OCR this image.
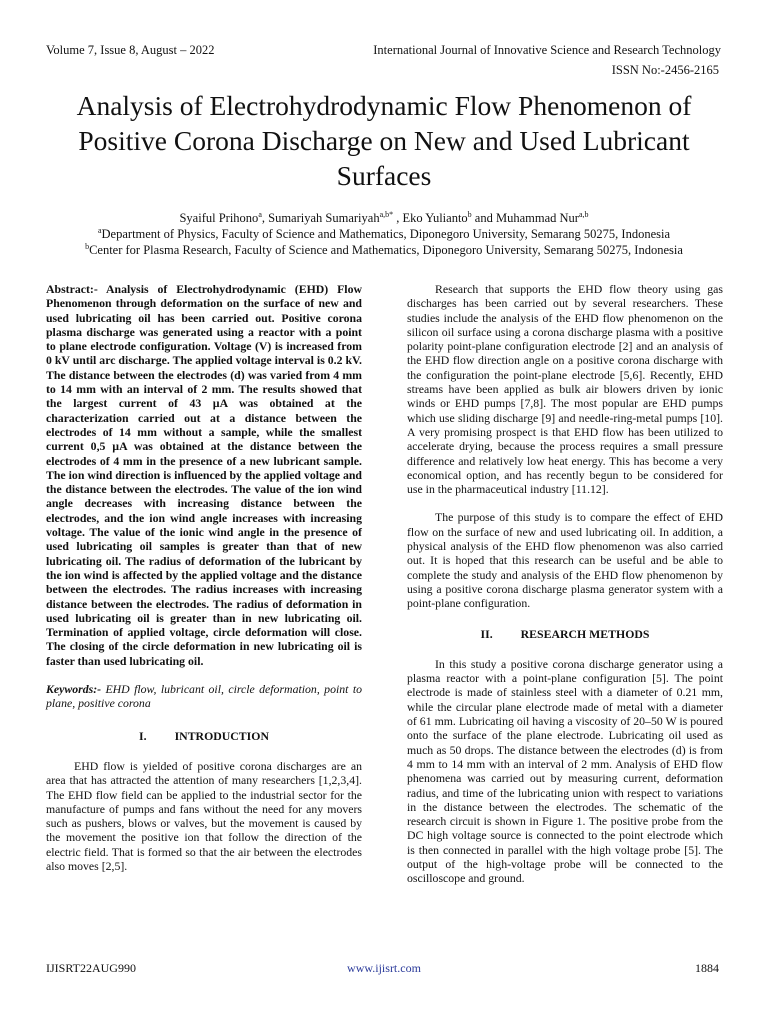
Volume 7, Issue 8, August – 2022	International Journal of Innovative Science and Research Technology
ISSN No:-2456-2165
Analysis of Electrohydrodynamic Flow Phenomenon of Positive Corona Discharge on New and Used Lubricant Surfaces
Syaiful Prihono$^a$, Sumariyah Sumariyah$^{a,b*}$ , Eko Yulianto$^b$ and Muhammad Nur$^{a,b}$
$^a$Department of Physics, Faculty of Science and Mathematics, Diponegoro University, Semarang 50275, Indonesia
$^b$Center for Plasma Research, Faculty of Science and Mathematics, Diponegoro University, Semarang 50275, Indonesia

Abstract:- Analysis of Electrohydrodynamic (EHD) Flow Phenomenon through deformation on the surface of new and used lubricating oil has been carried out. Positive corona plasma discharge was generated using a reactor with a point to plane electrode configuration. Voltage (V) is increased from 0 kV until arc discharge. The applied voltage interval is 0.2 kV. The distance between the electrodes (d) was varied from 4 mm to 14 mm with an interval of 2 mm. The results showed that the largest current of 43 µA was obtained at the characterization carried out at a distance between the electrodes of 14 mm without a sample, while the smallest current 0,5 µA was obtained at the distance between the electrodes of 4 mm in the presence of a new lubricant sample. The ion wind direction is influenced by the applied voltage and the distance between the electrodes. The value of the ion wind angle decreases with increasing distance between the electrodes, and the ion wind angle increases with increasing voltage. The value of the ionic wind angle in the presence of used lubricating oil samples is greater than that of new lubricating oil. The radius of deformation of the lubricant by the ion wind is affected by the applied voltage and the distance between the electrodes. The radius increases with increasing distance between the electrodes. The radius of deformation in used lubricating oil is greater than in new lubricating oil. Termination of applied voltage, circle deformation will close. The closing of the circle deformation in new lubricating oil is faster than used lubricating oil.

Keywords:- EHD flow, lubricant oil, circle deformation, point to plane, positive corona

I. INTRODUCTION

EHD flow is yielded of positive corona discharges are an area that has attracted the attention of many researchers [1,2,3,4]. The EHD flow field can be applied to the industrial sector for the manufacture of pumps and fans without the need for any movers such as pushers, blows or valves, but the movement is caused by the movement the positive ion that follow the direction of the electric field. That is formed so that the air between the electrodes also moves [2,5].

Research that supports the EHD flow theory using gas discharges has been carried out by several researchers. These studies include the analysis of the EHD flow phenomenon on the silicon oil surface using a corona discharge plasma with a positive polarity point-plane configuration electrode [2] and an analysis of the EHD flow direction angle on a positive corona discharge with the configuration the point-plane electrode [5,6]. Recently, EHD streams have been applied as bulk air blowers driven by ionic winds or EHD pumps [7,8]. The most popular are EHD pumps which use sliding discharge [9] and needle-ring-metal pumps [10]. A very promising prospect is that EHD flow has been utilized to accelerate drying, because the process requires a small pressure difference and relatively low heat energy. This has become a very economical option, and has recently begun to be considered for use in the pharmaceutical industry [11.12].

The purpose of this study is to compare the effect of EHD flow on the surface of new and used lubricating oil. In addition, a physical analysis of the EHD flow phenomenon was also carried out. It is hoped that this research can be useful and be able to complete the study and analysis of the EHD flow phenomenon by using a positive corona discharge plasma generator system with a point-plane configuration.

II. RESEARCH METHODS

In this study a positive corona discharge generator using a plasma reactor with a point-plane configuration [5]. The point electrode is made of stainless steel with a diameter of 0.21 mm, while the circular plane electrode made of metal with a diameter of 61 mm. Lubricating oil having a viscosity of 20–50 W is poured onto the surface of the plane electrode. Lubricating oil used as much as 50 drops. The distance between the electrodes (d) is from 4 mm to 14 mm with an interval of 2 mm. Analysis of EHD flow phenomena was carried out by measuring current, deformation radius, and time of the lubricating union with respect to variations in the distance between the electrodes. The schematic of the research circuit is shown in Figure 1. The positive probe from the DC high voltage source is connected to the point electrode which is then connected in parallel with the high voltage probe [5]. The output of the high-voltage probe will be connected to the oscilloscope and ground.

IJISRT22AUG990	www.ijisrt.com	1884
